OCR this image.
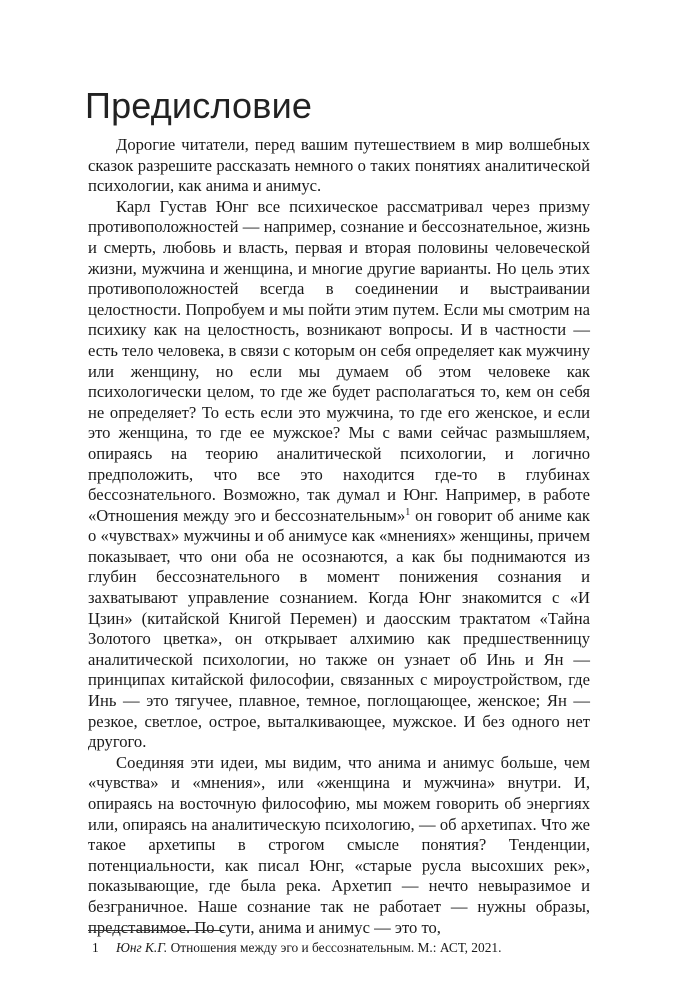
Предисловие

Дорогие читатели, перед вашим путешествием в мир волшебных сказок разрешите рассказать немного о таких понятиях аналитической психологии, как анима и анимус.

Карл Густав Юнг все психическое рассматривал через призму противоположностей — например, сознание и бессознательное, жизнь и смерть, любовь и власть, первая и вторая половины человеческой жизни, мужчина и женщина, и многие другие варианты. Но цель этих противоположностей всегда в соединении и выстраивании целостности. Попробуем и мы пойти этим путем. Если мы смотрим на психику как на целостность, возникают вопросы. И в частности — есть тело человека, в связи с которым он себя определяет как мужчину или женщину, но если мы думаем об этом человеке как психологически целом, то где же будет располагаться то, кем он себя не определяет? То есть если это мужчина, то где его женское, и если это женщина, то где ее мужское? Мы с вами сейчас размышляем, опираясь на теорию аналитической психологии, и логично предположить, что все это находится где-то в глубинах бессознательного. Возможно, так думал и Юнг. Например, в работе «Отношения между эго и бессознательным»$^1$ он говорит об аниме как о «чувствах» мужчины и об анимусе как «мнениях» женщины, причем показывает, что они оба не осознаются, а как бы поднимаются из глубин бессознательного в момент понижения сознания и захватывают управление сознанием. Когда Юнг знакомится с «И Цзин» (китайской Книгой Перемен) и даосским трактатом «Тайна Золотого цветка», он открывает алхимию как предшественницу аналитической психологии, но также он узнает об Инь и Ян — принципах китайской философии, связанных с мироустройством, где Инь — это тягучее, плавное, темное, поглощающее, женское; Ян — резкое, светлое, острое, выталкивающее, мужское. И без одного нет другого.

Соединяя эти идеи, мы видим, что анима и анимус больше, чем «чувства» и «мнения», или «женщина и мужчина» внутри. И, опираясь на восточную философию, мы можем говорить об энергиях или, опираясь на аналитическую психологию, — об архетипах. Что же такое архетипы в строгом смысле понятия? Тенденции, потенциальности, как писал Юнг, «старые русла высохших рек», показывающие, где была река. Архетип — нечто невыразимое и безграничное. Наше сознание так не работает — нужны образы, представимое. По сути, анима и анимус — это то,

1 Юнг К.Г. Отношения между эго и бессознательным. М.: АСТ, 2021.
